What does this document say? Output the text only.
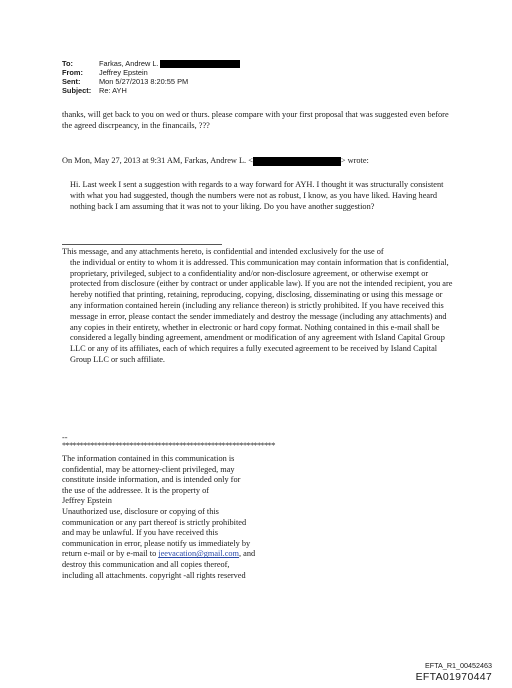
To:	Farkas, Andrew L.
From:	Jeffrey Epstein
Sent:	Mon 5/27/2013 8:20:55 PM
Subject:	Re: AYH
thanks, will get back to you on wed or thurs. please compare with your first proposal that was suggested even before the agreed discrpeancy, in the financails, ???
On Mon, May 27, 2013 at 9:31 AM, Farkas, Andrew L. <	> wrote:
Hi. Last week I sent a suggestion with regards to a way forward for AYH. I thought it was structurally consistent with what you had suggested, though the numbers were not as robust, I know, as you have liked. Having heard nothing back I am assuming that it was not to your liking. Do you have another suggestion?
This message, and any attachments hereto, is confidential and intended exclusively for the use of
the individual or entity to whom it is addressed. This communication may contain information that is confidential, proprietary, privileged, subject to a confidentiality and/or non-disclosure agreement, or otherwise exempt or protected from disclosure (either by contract or under applicable law). If you are not the intended recipient, you are hereby notified that printing, retaining, reproducing, copying, disclosing, disseminating or using this message or any information contained herein (including any reliance thereon) is strictly prohibited. If you have received this message in error, please contact the sender immediately and destroy the message (including any attachments) and any copies in their entirety, whether in electronic or hard copy format. Nothing contained in this e-mail shall be considered a legally binding agreement, amendment or modification of any agreement with Island Capital Group LLC or any of its affiliates, each of which requires a fully executed agreement to be received by Island Capital Group LLC or such affiliate.
--
************************************************************
The information contained in this communication is
confidential, may be attorney-client privileged, may
constitute inside information, and is intended only for
the use of the addressee. It is the property of
Jeffrey Epstein
Unauthorized use, disclosure or copying of this
communication or any part thereof is strictly prohibited
and may be unlawful. If you have received this
communication in error, please notify us immediately by
return e-mail or by e-mail to jeevacation@gmail.com, and
destroy this communication and all copies thereof,
including all attachments. copyright -all rights reserved
EFTA_R1_00452463
EFTA01970447
